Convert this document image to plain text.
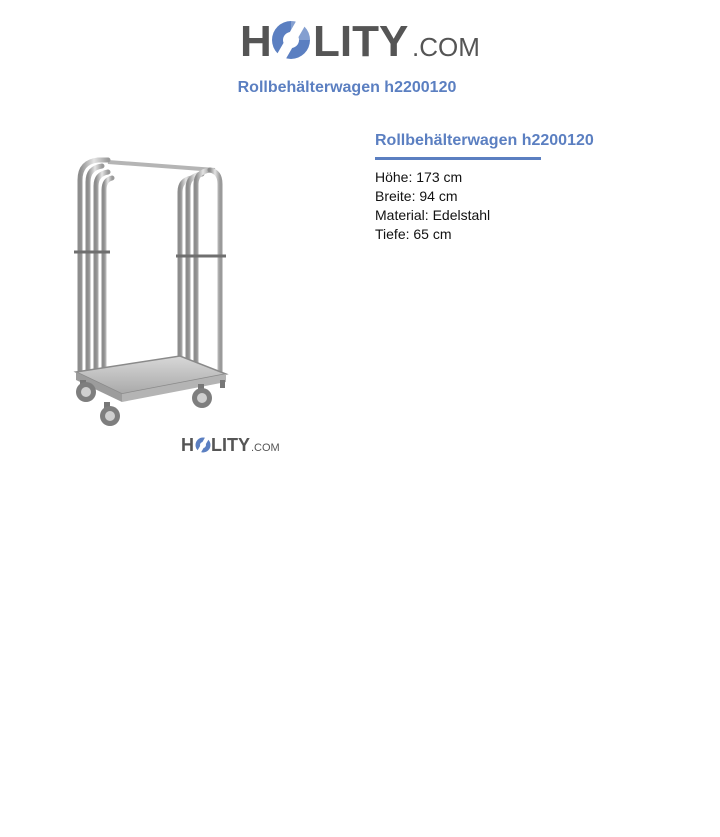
H LITY .COM
Rollbehälterwagen h2200120
H LITY .COM
Rollbehälterwagen h2200120
Höhe: 173 cm
Breite: 94 cm
Material: Edelstahl
Tiefe: 65 cm
